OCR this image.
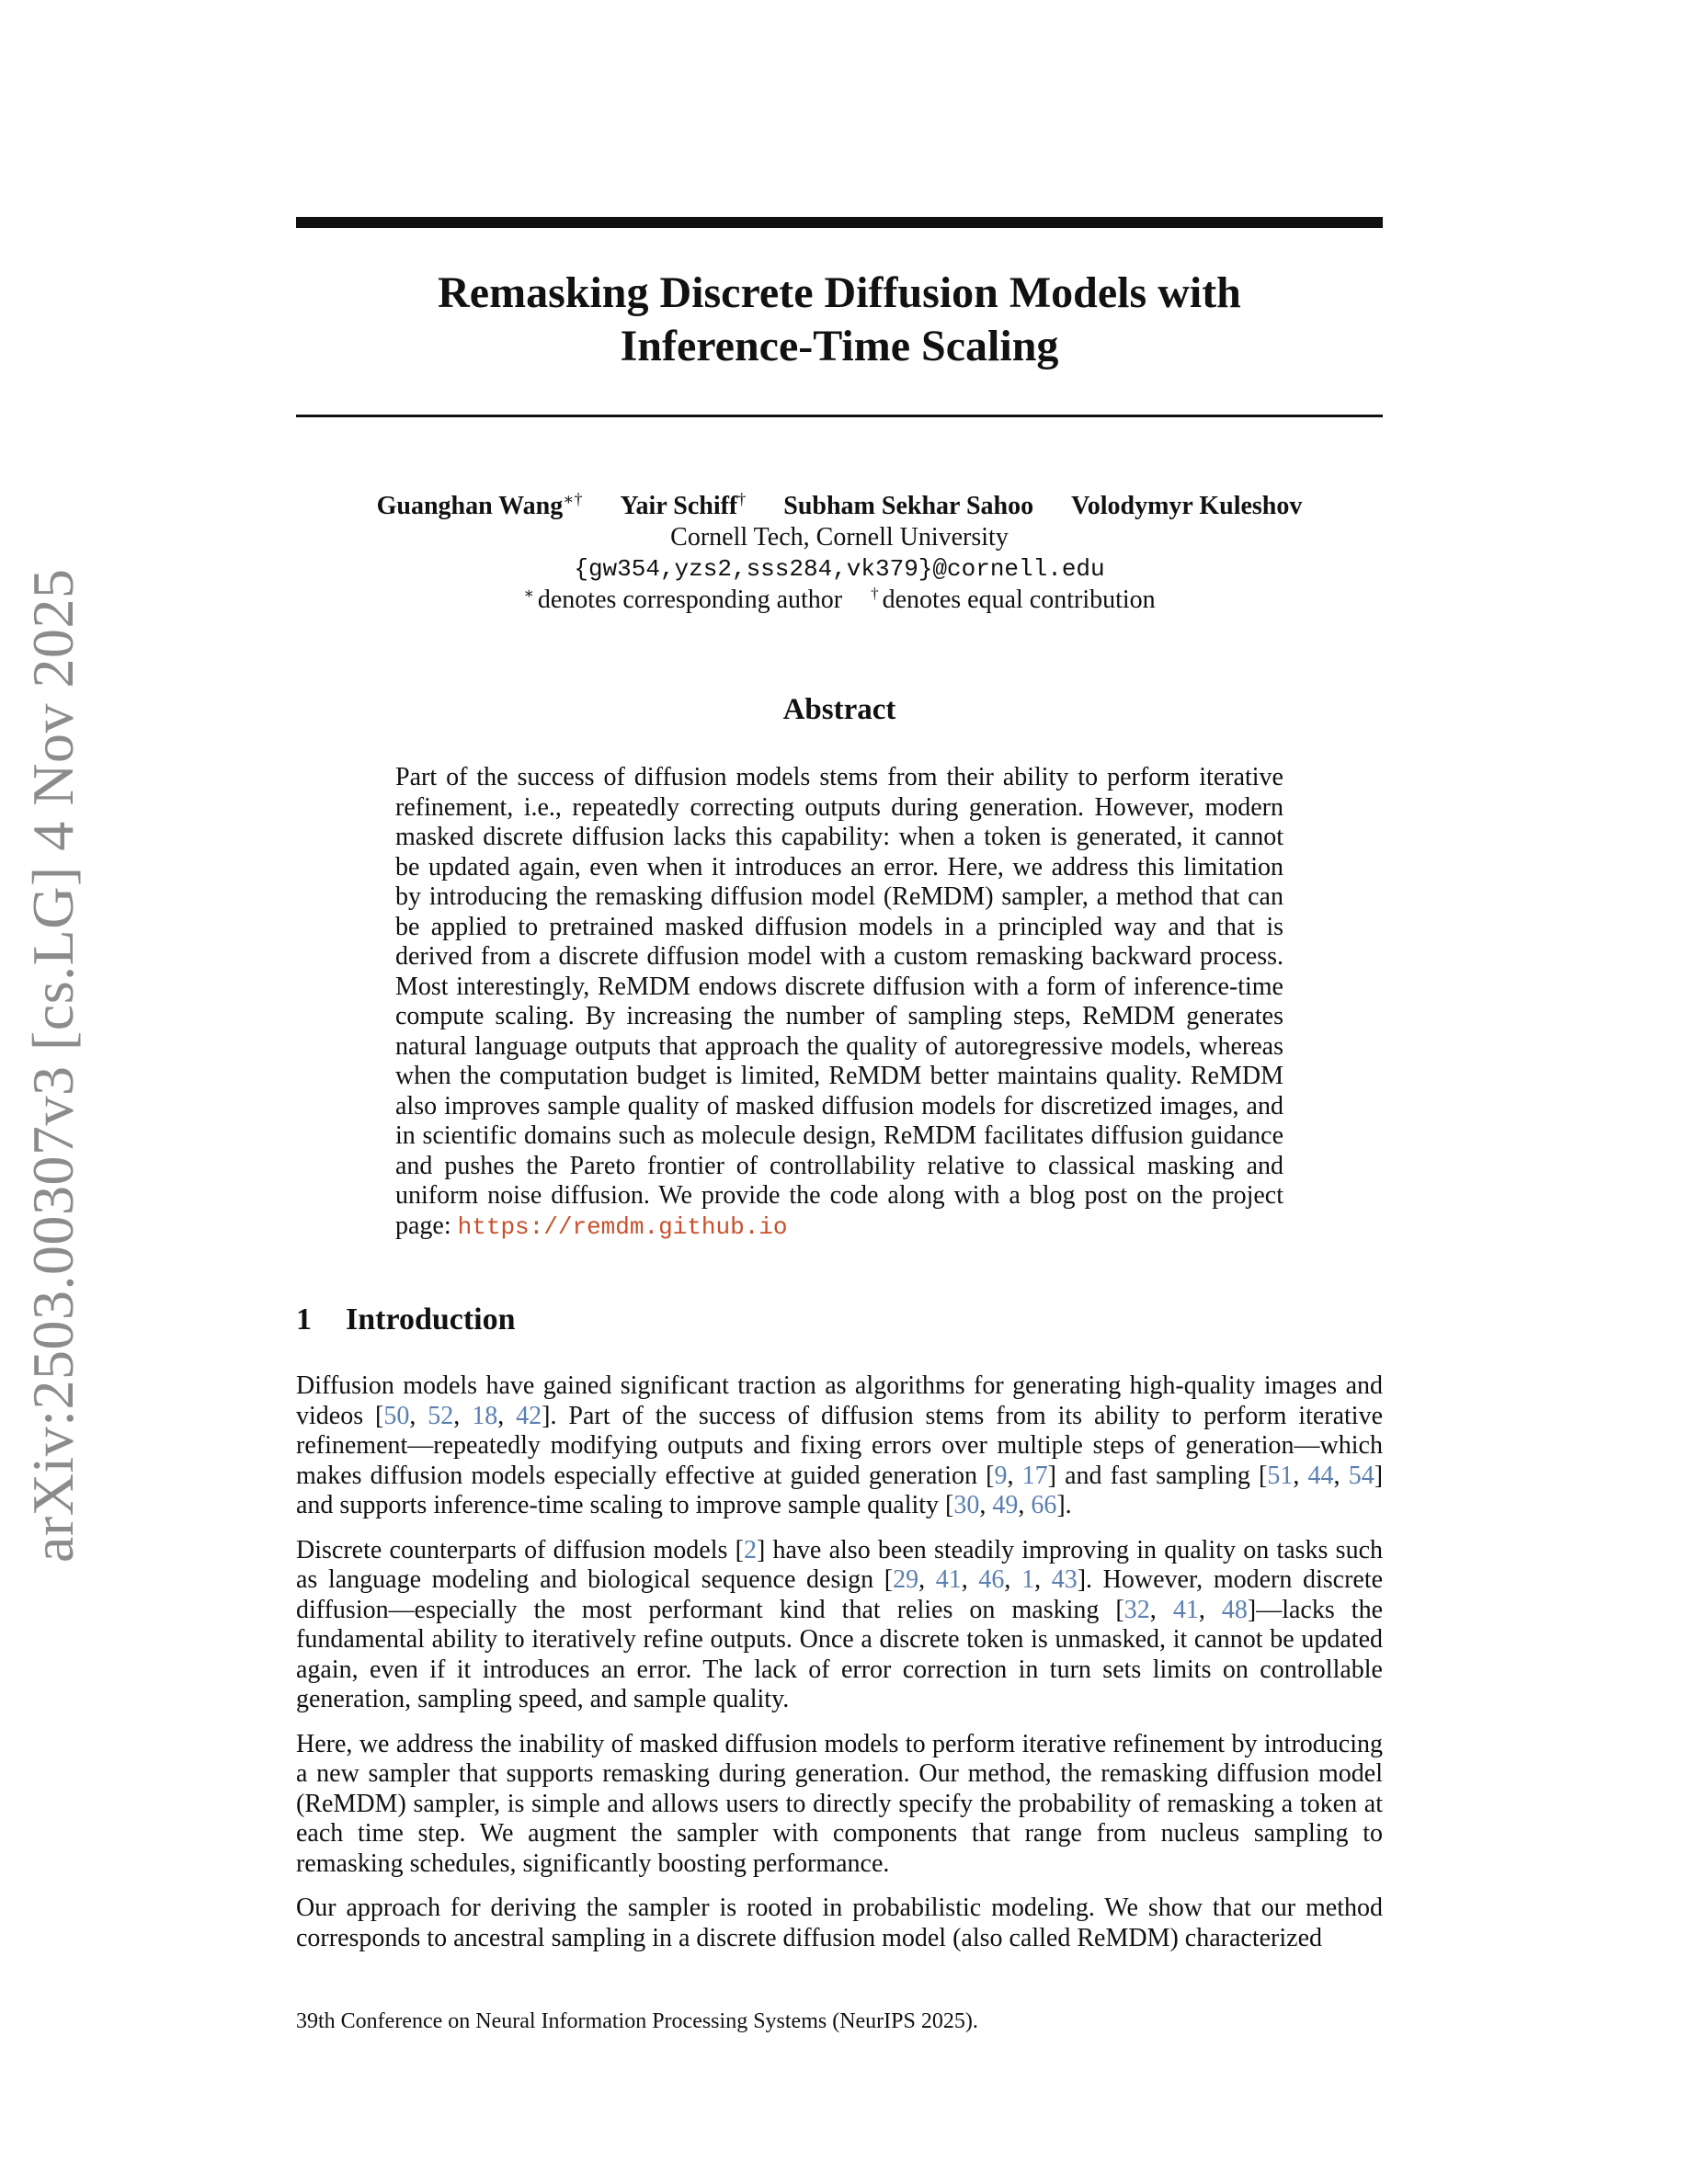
arXiv:2503.00307v3 [cs.LG] 4 Nov 2025
Remasking Discrete Diffusion Models with
Inference-Time Scaling
Guanghan Wang∗† Yair Schiff† Subham Sekhar Sahoo Volodymyr Kuleshov
Cornell Tech, Cornell University
{gw354,yzs2,sss284,vk379}@cornell.edu
∗ denotes corresponding author † denotes equal contribution
Abstract
Part of the success of diffusion models stems from their ability to perform iterative refinement, i.e., repeatedly correcting outputs during generation. However, modern masked discrete diffusion lacks this capability: when a token is generated, it cannot be updated again, even when it introduces an error. Here, we address this limitation by introducing the remasking diffusion model (ReMDM) sampler, a method that can be applied to pretrained masked diffusion models in a principled way and that is derived from a discrete diffusion model with a custom remasking backward process. Most interestingly, ReMDM endows discrete diffusion with a form of inference-time compute scaling. By increasing the number of sampling steps, ReMDM generates natural language outputs that approach the quality of autoregressive models, whereas when the computation budget is limited, ReMDM better maintains quality. ReMDM also improves sample quality of masked diffusion models for discretized images, and in scientific domains such as molecule design, ReMDM facilitates diffusion guidance and pushes the Pareto frontier of controllability relative to classical masking and uniform noise diffusion. We provide the code along with a blog post on the project page: https://remdm.github.io
1 Introduction

Diffusion models have gained significant traction as algorithms for generating high-quality images and videos [50, 52, 18, 42]. Part of the success of diffusion stems from its ability to perform iterative refinement—repeatedly modifying outputs and fixing errors over multiple steps of generation—which makes diffusion models especially effective at guided generation [9, 17] and fast sampling [51, 44, 54] and supports inference-time scaling to improve sample quality [30, 49, 66].

Discrete counterparts of diffusion models [2] have also been steadily improving in quality on tasks such as language modeling and biological sequence design [29, 41, 46, 1, 43]. However, modern discrete diffusion—especially the most performant kind that relies on masking [32, 41, 48]—lacks the fundamental ability to iteratively refine outputs. Once a discrete token is unmasked, it cannot be updated again, even if it introduces an error. The lack of error correction in turn sets limits on controllable generation, sampling speed, and sample quality.

Here, we address the inability of masked diffusion models to perform iterative refinement by introducing a new sampler that supports remasking during generation. Our method, the remasking diffusion model (ReMDM) sampler, is simple and allows users to directly specify the probability of remasking a token at each time step. We augment the sampler with components that range from nucleus sampling to remasking schedules, significantly boosting performance.

Our approach for deriving the sampler is rooted in probabilistic modeling. We show that our method corresponds to ancestral sampling in a discrete diffusion model (also called ReMDM) characterized

39th Conference on Neural Information Processing Systems (NeurIPS 2025).
